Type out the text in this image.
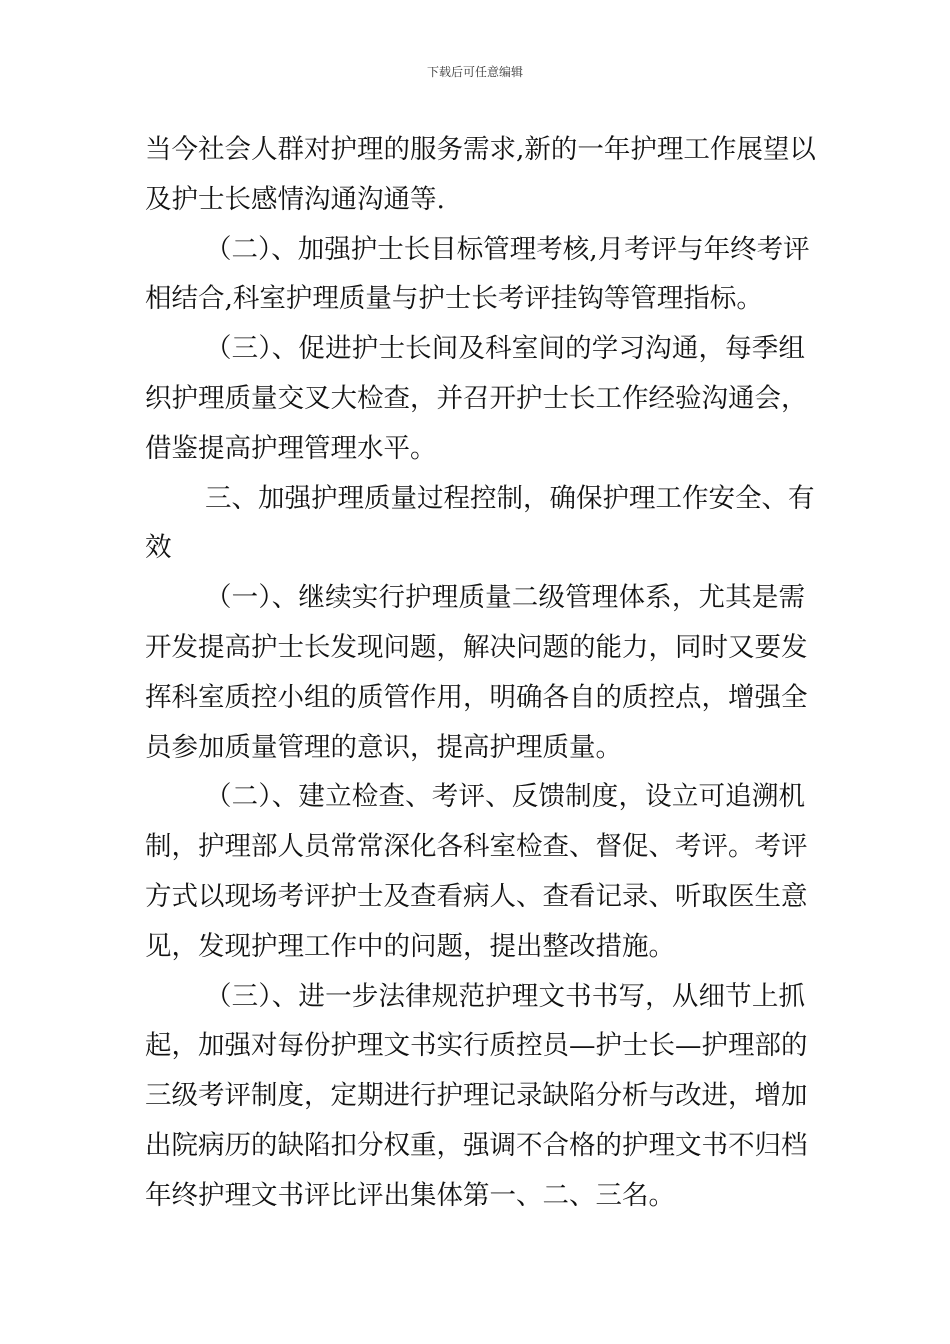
下载后可任意编辑
当今社会人群对护理的服务需求,新的一年护理工作展望以
及护士长感情沟通沟通等.
（二）、加强护士长目标管理考核,月考评与年终考评
相结合,科室护理质量与护士长考评挂钩等管理指标。
（三）、促进护士长间及科室间的学习沟通，每季组
织护理质量交叉大检查，并召开护士长工作经验沟通会，
借鉴提高护理管理水平。
三、加强护理质量过程控制，确保护理工作安全、有
效
（一）、继续实行护理质量二级管理体系，尤其是需
开发提高护士长发现问题，解决问题的能力，同时又要发
挥科室质控小组的质管作用，明确各自的质控点，增强全
员参加质量管理的意识，提高护理质量。
（二）、建立检查、考评、反馈制度，设立可追溯机
制，护理部人员常常深化各科室检查、督促、考评。考评
方式以现场考评护士及查看病人、查看记录、听取医生意
见，发现护理工作中的问题，提出整改措施。
（三）、进一步法律规范护理文书书写，从细节上抓
起，加强对每份护理文书实行质控员—护士长—护理部的
三级考评制度，定期进行护理记录缺陷分析与改进，增加
出院病历的缺陷扣分权重，强调不合格的护理文书不归档
年终护理文书评比评出集体第一、二、三名。
